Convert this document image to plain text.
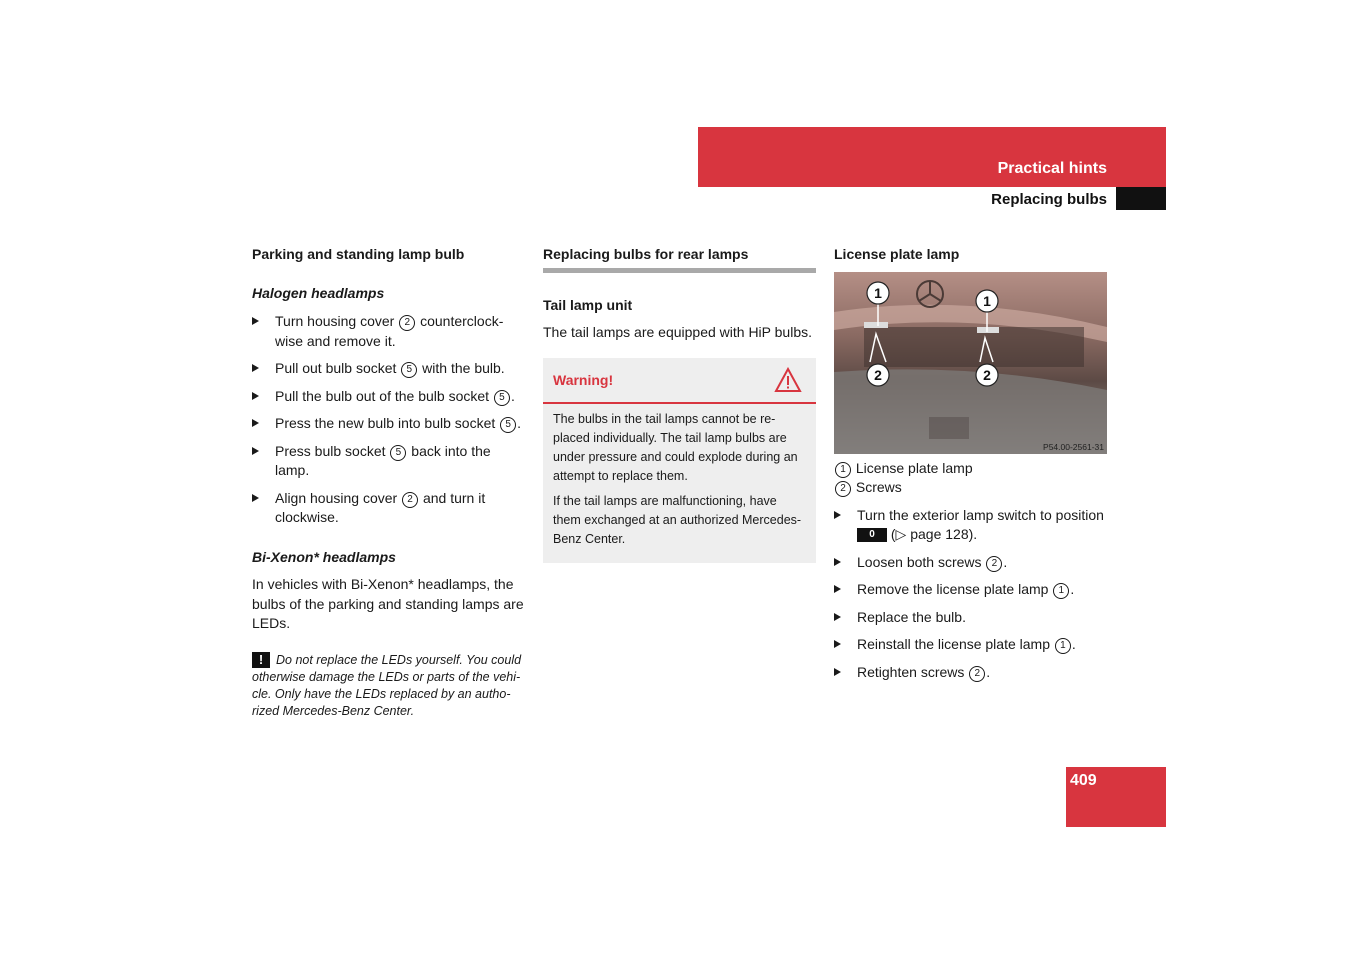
Practical hints
Replacing bulbs

Parking and standing lamp bulb

Halogen headlamps

Turn housing cover 2 counterclock-wise and remove it.
Pull out bulb socket 5 with the bulb.
Pull the bulb out of the bulb socket 5 .
Press the new bulb into bulb socket 5 .
Press bulb socket 5 back into the lamp.
Align housing cover 2 and turn it clockwise.

Bi-Xenon* headlamps

In vehicles with Bi-Xenon* headlamps, the bulbs of the parking and standing lamps are LEDs.

! Do not replace the LEDs yourself. You could otherwise damage the LEDs or parts of the vehi-cle. Only have the LEDs replaced by an autho-rized Mercedes-Benz Center.

Replacing bulbs for rear lamps

Tail lamp unit

The tail lamps are equipped with HiP bulbs.

Warning!

The bulbs in the tail lamps cannot be re-placed individually. The tail lamp bulbs are under pressure and could explode during an attempt to replace them.

If the tail lamps are malfunctioning, have them exchanged at an authorized Mercedes-Benz Center.

License plate lamp

1	1
2	2
P54.00-2561-31
1 License plate lamp
2 Screws
Turn the exterior lamp switch to position 0 (▷ page 128).
Loosen both screws 2 .
Remove the license plate lamp 1 .
Replace the bulb.
Reinstall the license plate lamp 1 .
Retighten screws 2 .
409
